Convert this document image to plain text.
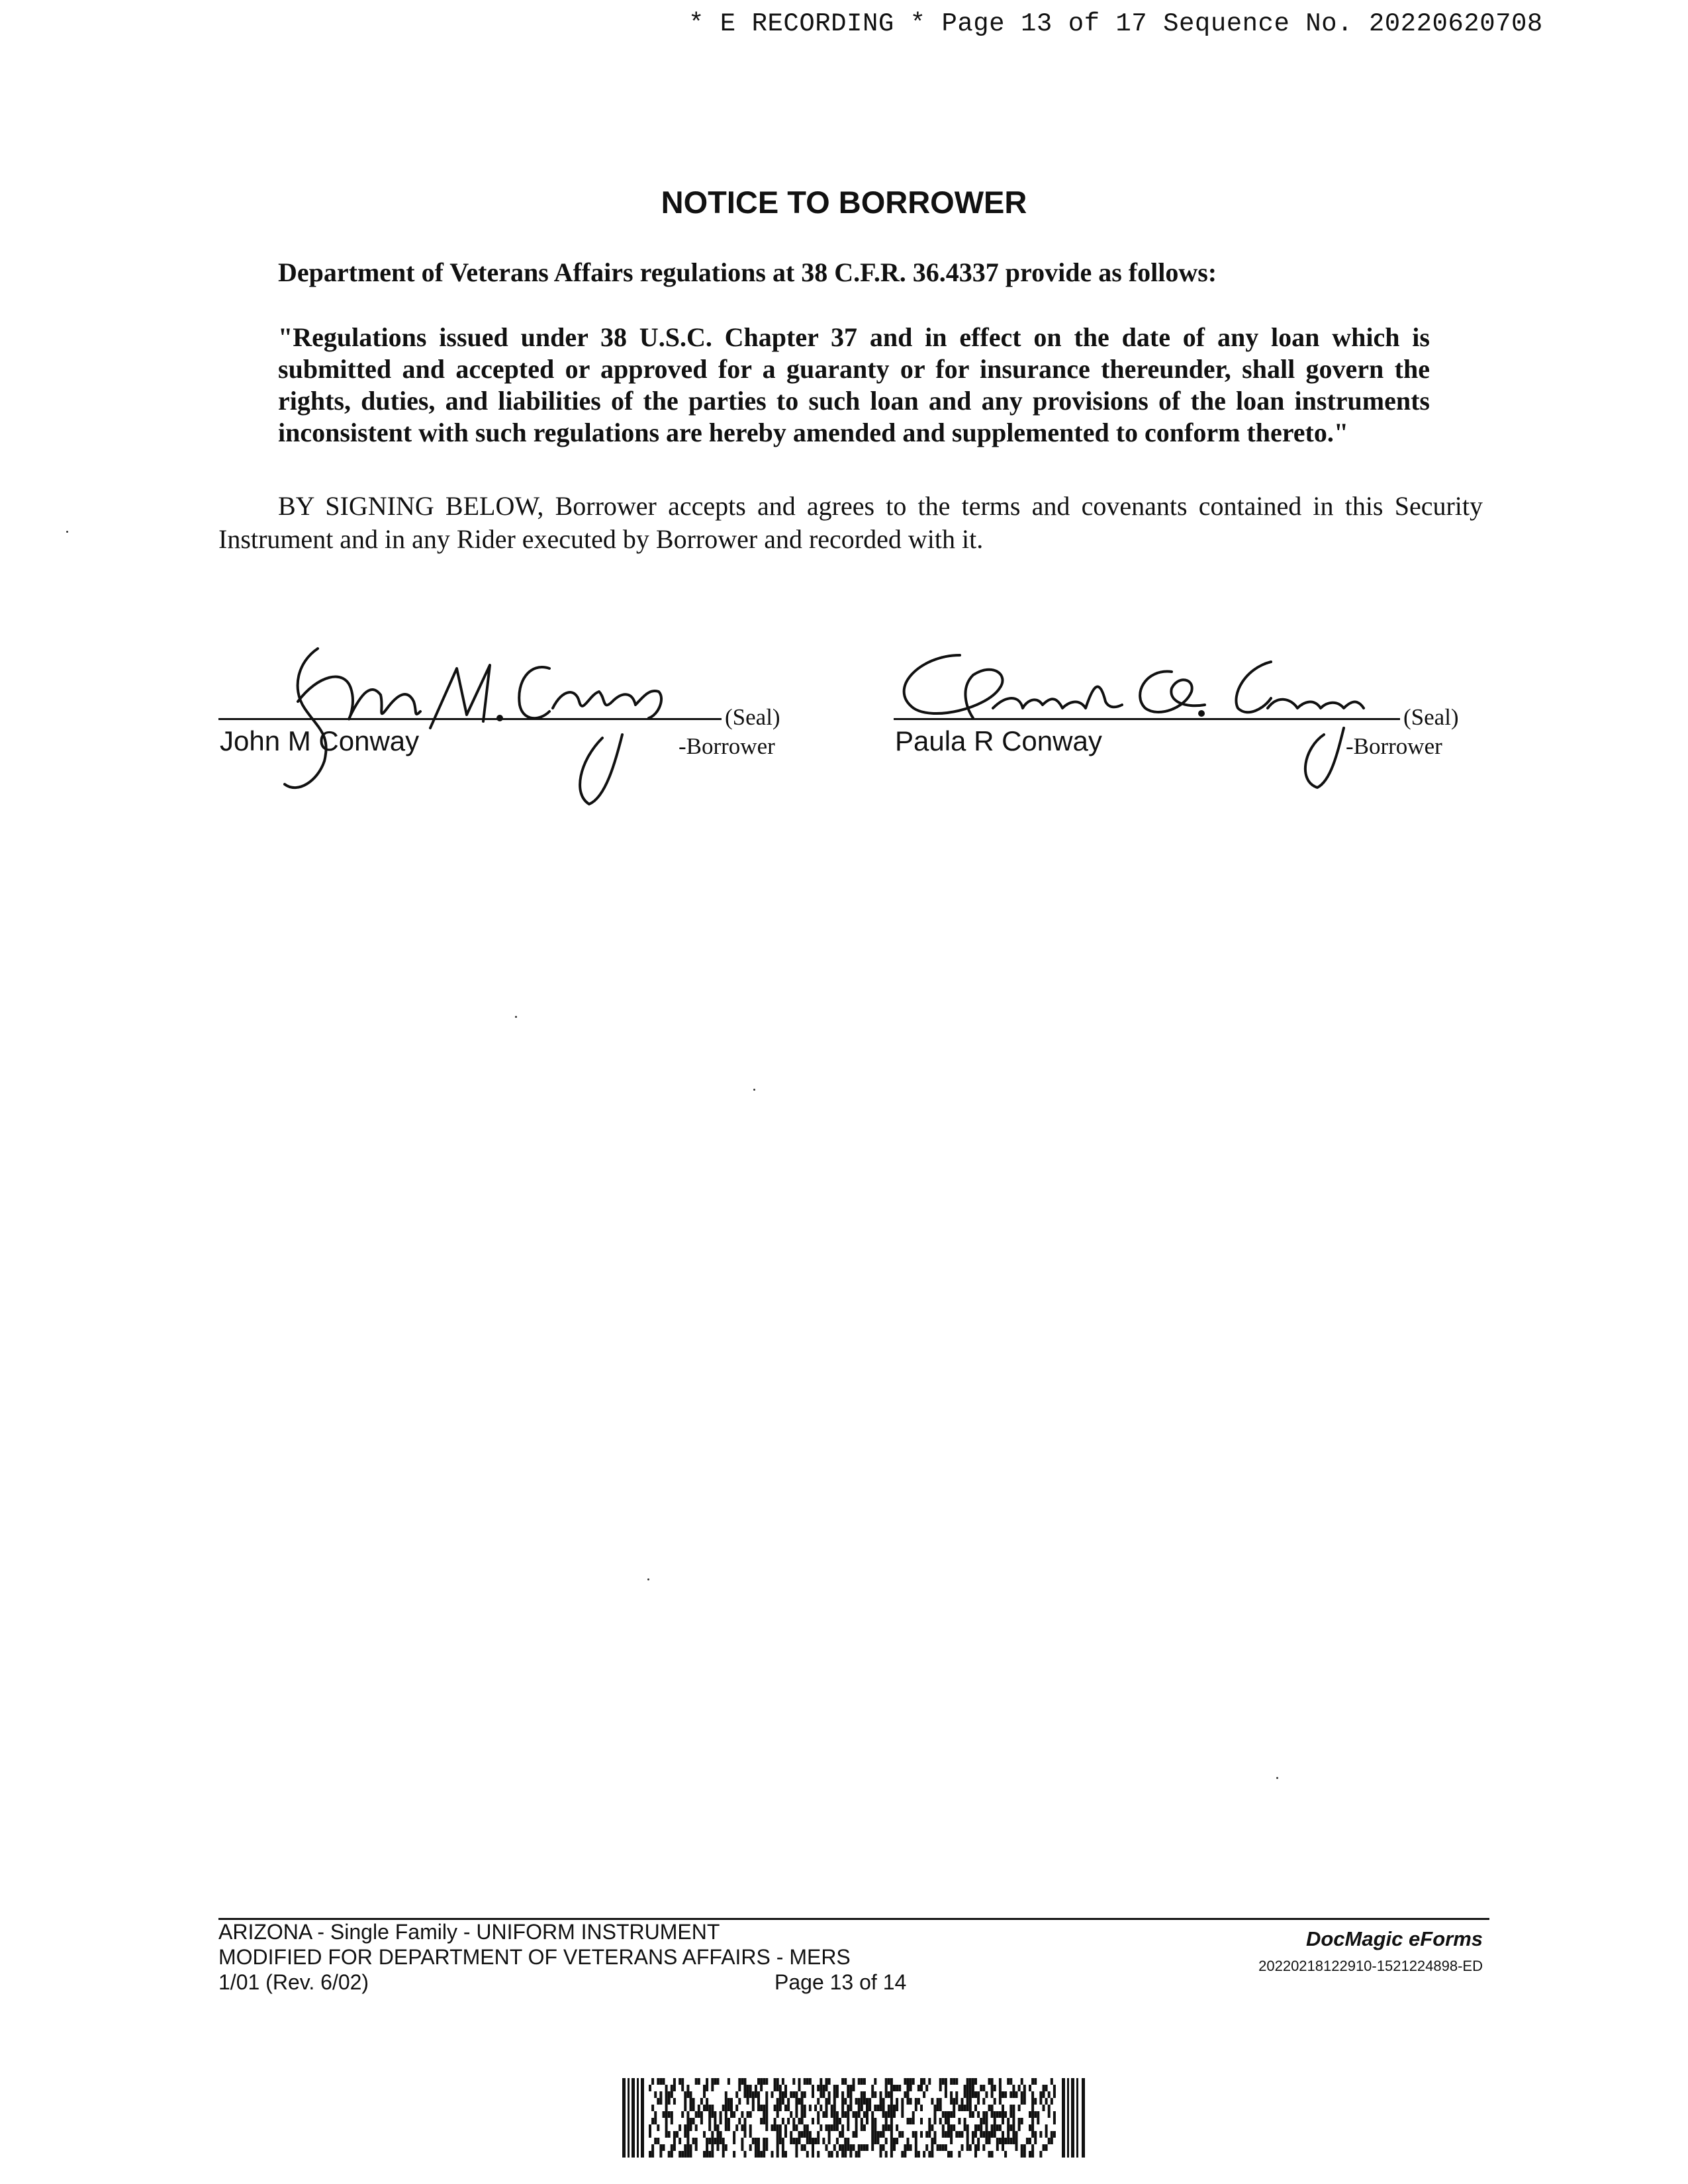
* E RECORDING * Page 13 of 17 Sequence No. 20220620708
NOTICE TO BORROWER
Department of Veterans Affairs regulations at 38 C.F.R. 36.4337 provide as follows:
"Regulations issued under 38 U.S.C. Chapter 37 and in effect on the date of any loan which is submitted and accepted or approved for a guaranty or for insurance thereunder, shall govern the rights, duties, and liabilities of the parties to such loan and any provisions of the loan instruments inconsistent with such regulations are hereby amended and supplemented to conform thereto."
BY SIGNING BELOW, Borrower accepts and agrees to the terms and covenants contained in this Security Instrument and in any Rider executed by Borrower and recorded with it.
(Seal)
John M Conway	-Borrower
(Seal)
Paula R Conway	-Borrower
ARIZONA - Single Family - UNIFORM INSTRUMENT
MODIFIED FOR DEPARTMENT OF VETERANS AFFAIRS - MERS
1/01 (Rev. 6/02)	Page 13 of 14
DocMagic eForms
20220218122910-1521224898-ED
